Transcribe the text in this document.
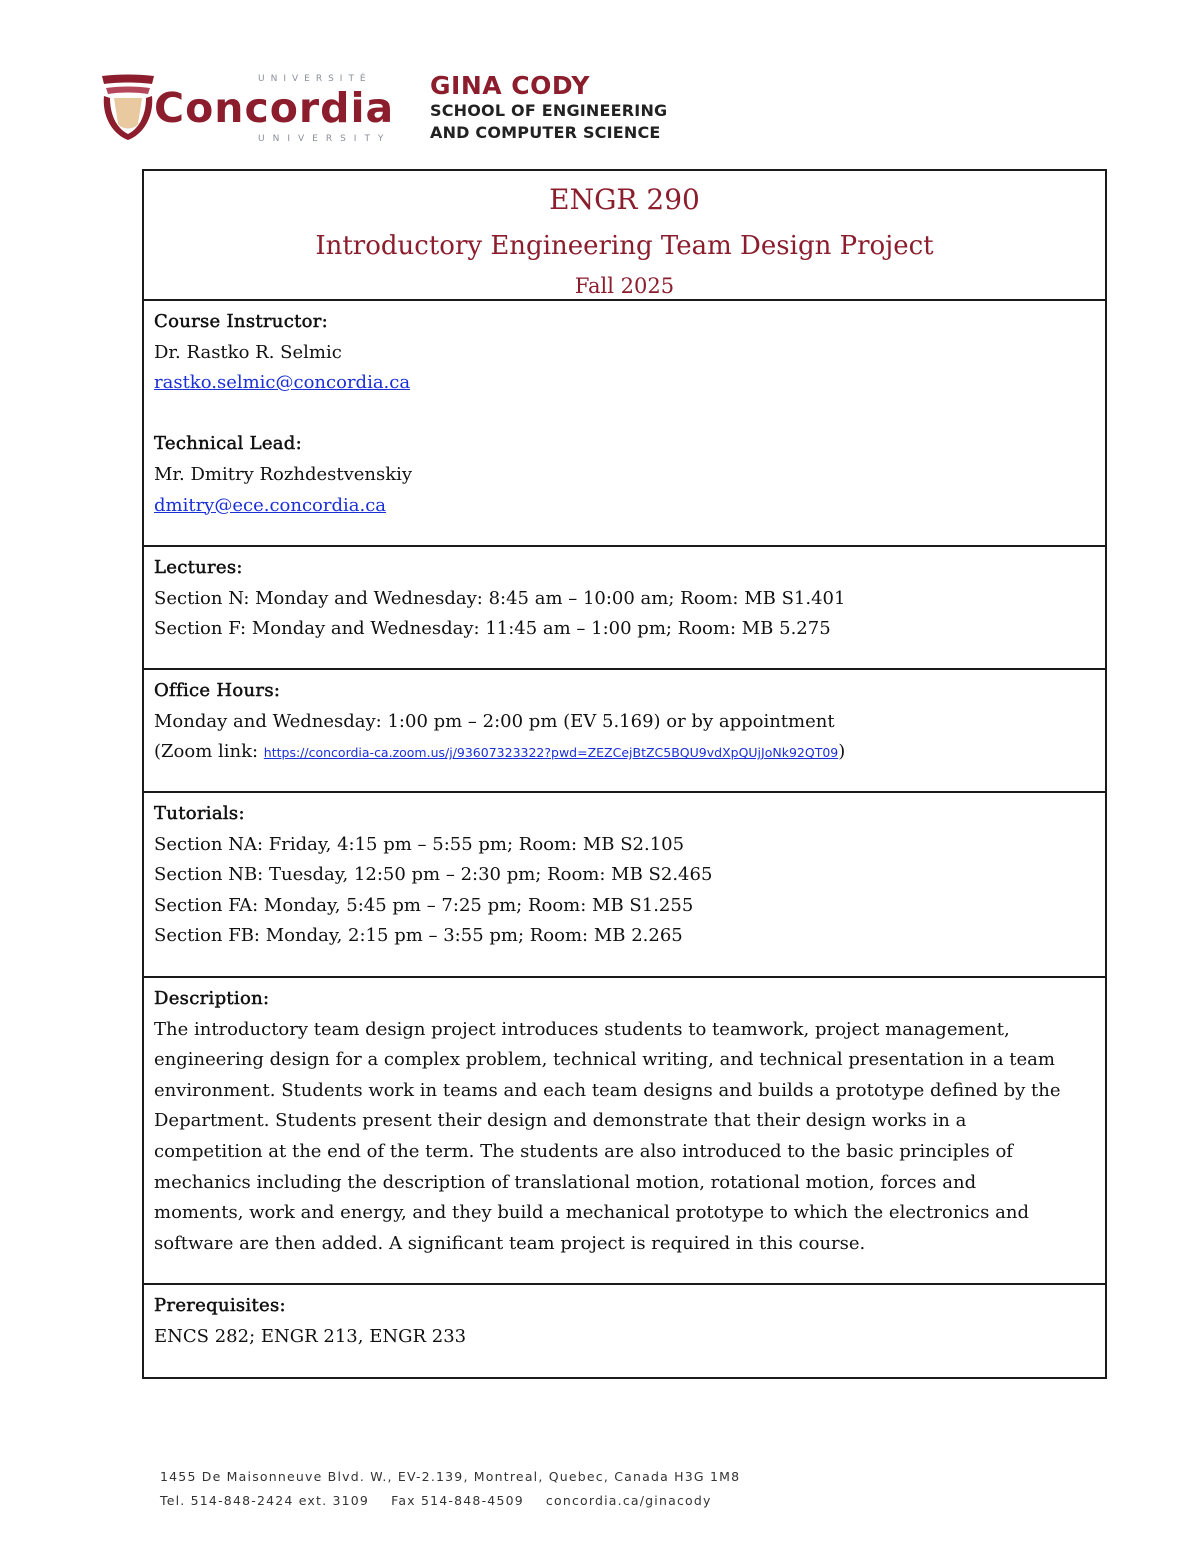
UNIVERSITÉ
Concordia
UNIVERSITY
GINA CODY
SCHOOL OF ENGINEERING
AND COMPUTER SCIENCE
ENGR 290
Introductory Engineering Team Design Project
Fall 2025
Course Instructor:
Dr. Rastko R. Selmic
rastko.selmic@concordia.ca
Technical Lead:
Mr. Dmitry Rozhdestvenskiy
dmitry@ece.concordia.ca
Lectures:
Section N: Monday and Wednesday: 8:45 am – 10:00 am; Room: MB S1.401
Section F: Monday and Wednesday: 11:45 am – 1:00 pm; Room: MB 5.275
Office Hours:
Monday and Wednesday: 1:00 pm – 2:00 pm (EV 5.169) or by appointment
(Zoom link: https://concordia-ca.zoom.us/j/93607323322?pwd=ZEZCejBtZC5BQU9vdXpQUjJoNk92QT09)
Tutorials:
Section NA: Friday, 4:15 pm – 5:55 pm; Room: MB S2.105
Section NB: Tuesday, 12:50 pm – 2:30 pm; Room: MB S2.465
Section FA: Monday, 5:45 pm – 7:25 pm; Room: MB S1.255
Section FB: Monday, 2:15 pm – 3:55 pm; Room: MB 2.265
Description:
The introductory team design project introduces students to teamwork, project management,
engineering design for a complex problem, technical writing, and technical presentation in a team
environment. Students work in teams and each team designs and builds a prototype defined by the
Department. Students present their design and demonstrate that their design works in a
competition at the end of the term. The students are also introduced to the basic principles of
mechanics including the description of translational motion, rotational motion, forces and
moments, work and energy, and they build a mechanical prototype to which the electronics and
software are then added. A significant team project is required in this course.
Prerequisites:
ENCS 282; ENGR 213, ENGR 233
1455 De Maisonneuve Blvd. W., EV-2.139, Montreal, Quebec, Canada H3G 1M8
Tel. 514-848-2424 ext. 3109 Fax 514-848-4509 concordia.ca/ginacody
